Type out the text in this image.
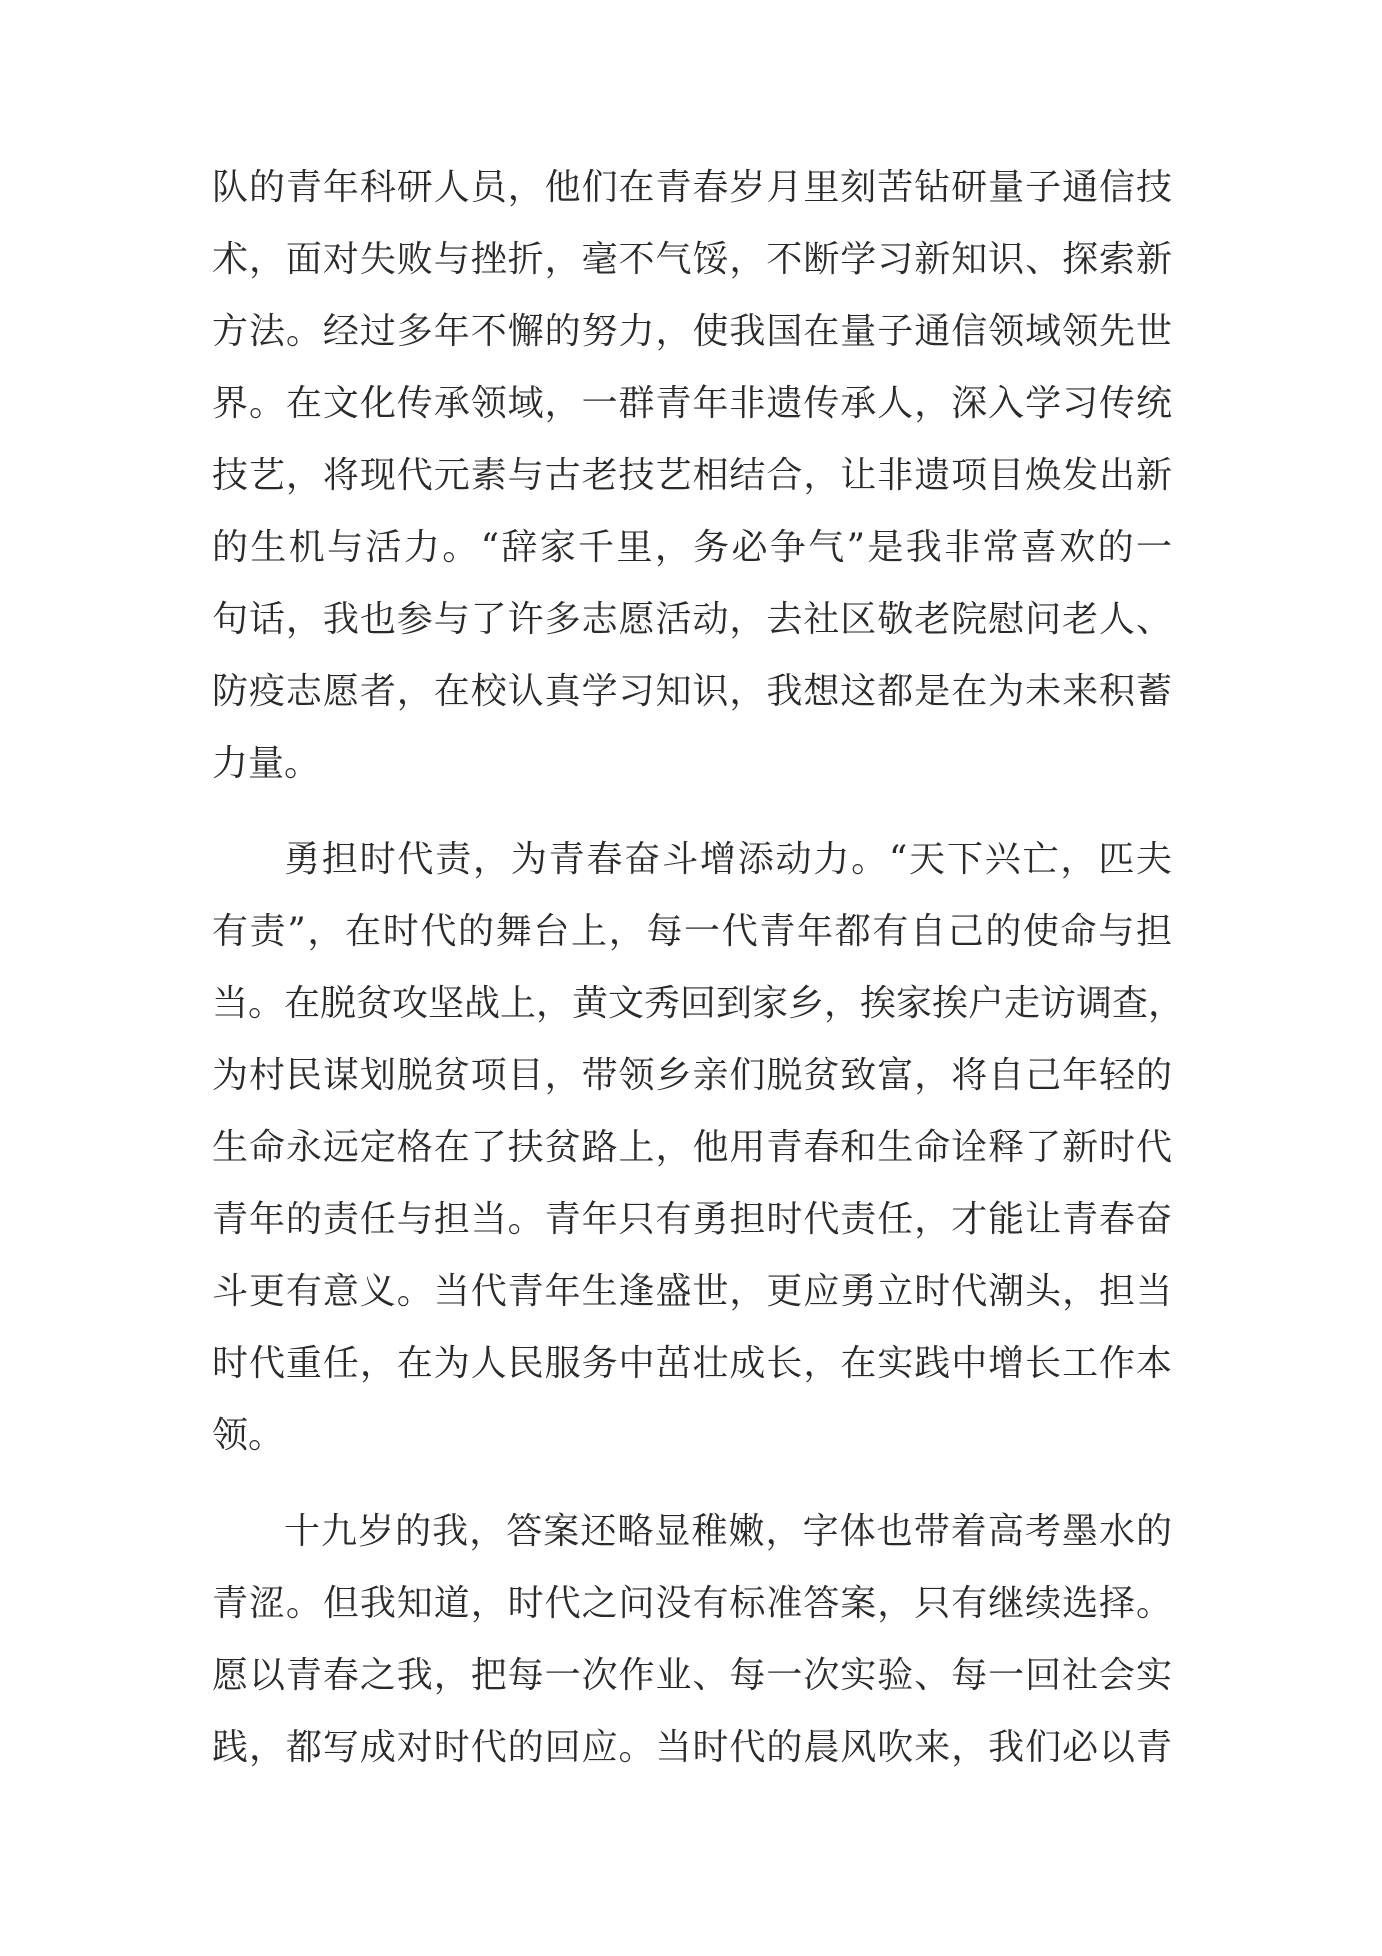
队的青年科研人员，他们在青春岁月里刻苦钻研量子通信技
术，面对失败与挫折，毫不气馁，不断学习新知识、探索新
方法。经过多年不懈的努力，使我国在量子通信领域领先世
界。在文化传承领域，一群青年非遗传承人，深入学习传统
技艺，将现代元素与古老技艺相结合，让非遗项目焕发出新
的生机与活力。“辞家千里，务必争气”是我非常喜欢的一
句话，我也参与了许多志愿活动，去社区敬老院慰问老人、
防疫志愿者，在校认真学习知识，我想这都是在为未来积蓄
力量。
勇担时代责，为青春奋斗增添动力。“天下兴亡，匹夫
有责”，在时代的舞台上，每一代青年都有自己的使命与担
当。在脱贫攻坚战上，黄文秀回到家乡，挨家挨户走访调查，
为村民谋划脱贫项目，带领乡亲们脱贫致富，将自己年轻的
生命永远定格在了扶贫路上，他用青春和生命诠释了新时代
青年的责任与担当。青年只有勇担时代责任，才能让青春奋
斗更有意义。当代青年生逢盛世，更应勇立时代潮头，担当
时代重任，在为人民服务中茁壮成长，在实践中增长工作本
领。
十九岁的我，答案还略显稚嫩，字体也带着高考墨水的
青涩。但我知道，时代之问没有标准答案，只有继续选择。
愿以青春之我，把每一次作业、每一次实验、每一回社会实
践，都写成对时代的回应。当时代的晨风吹来，我们必以青
